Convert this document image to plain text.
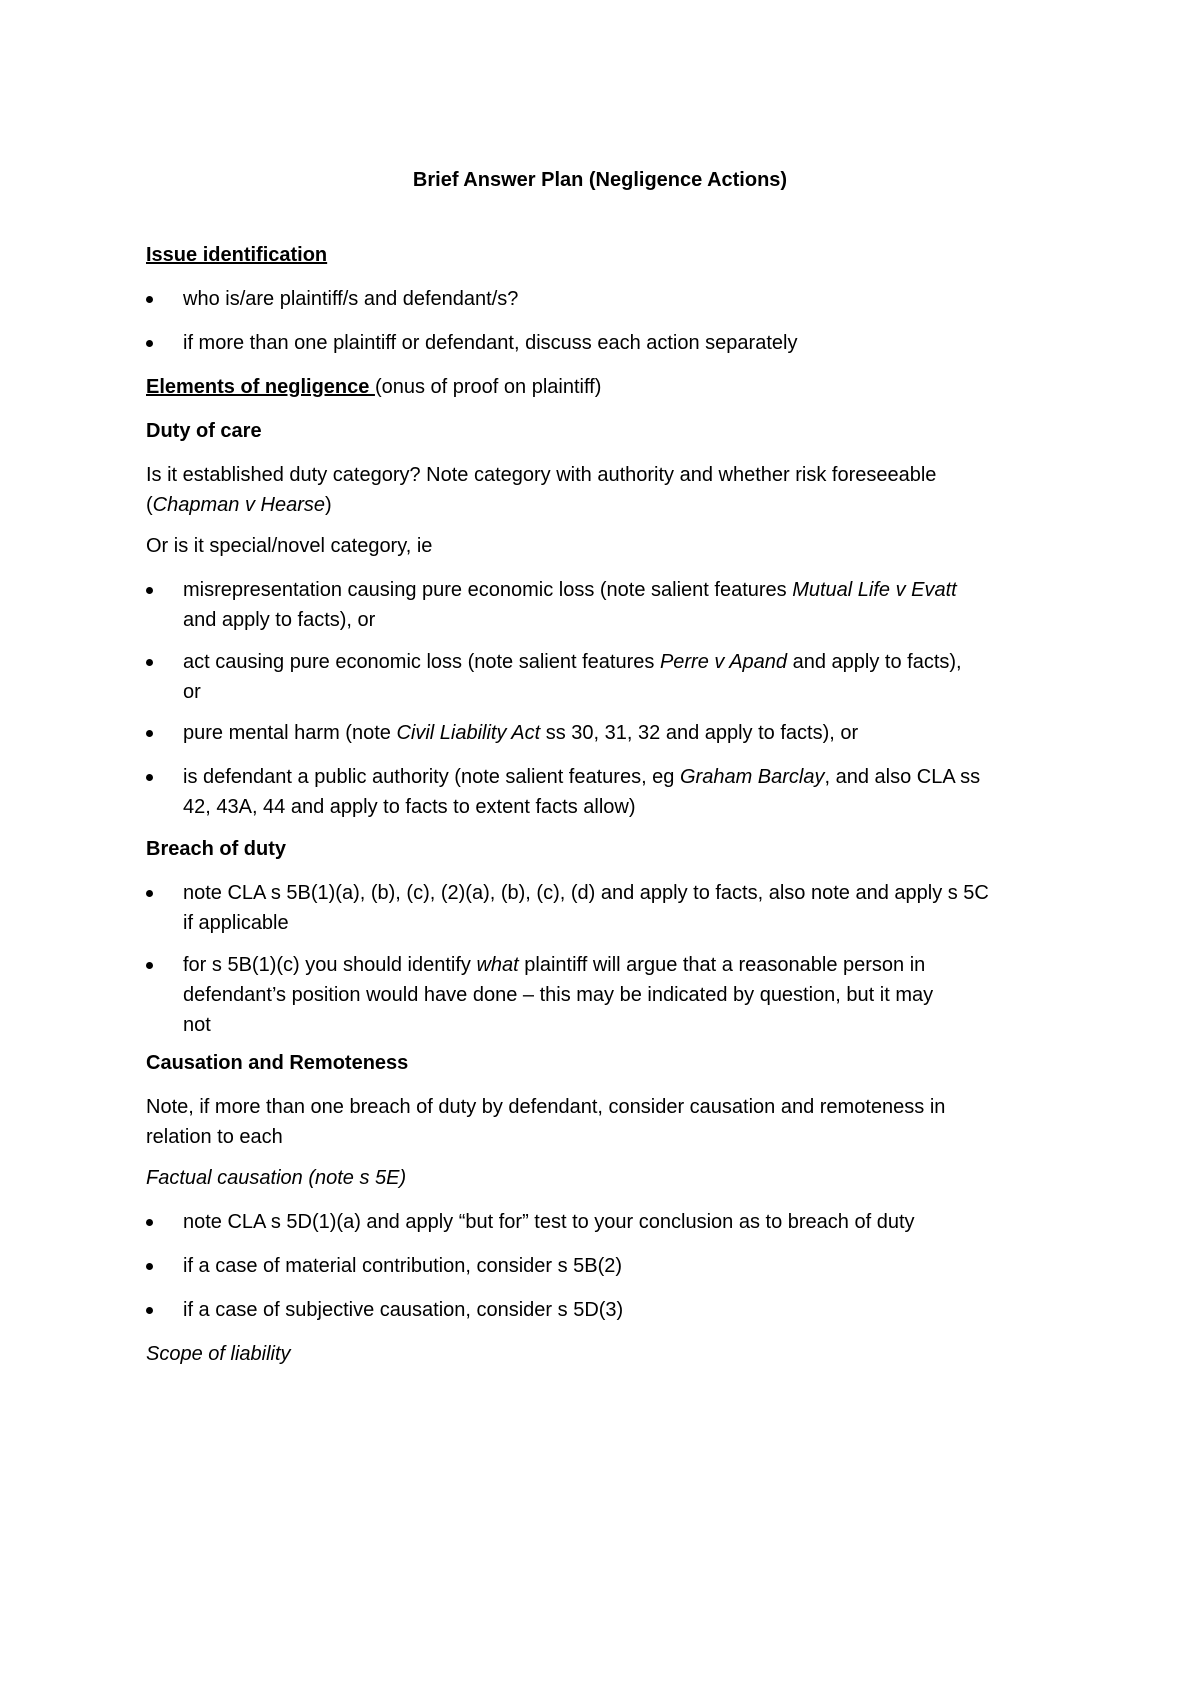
Brief Answer Plan (Negligence Actions)
Issue identification
who is/are plaintiff/s and defendant/s?
if more than one plaintiff or defendant, discuss each action separately
Elements of negligence (onus of proof on plaintiff)
Duty of care
Is it established duty category? Note category with authority and whether risk foreseeable
(Chapman v Hearse)
Or is it special/novel category, ie
misrepresentation causing pure economic loss (note salient features Mutual Life v Evatt
and apply to facts), or
act causing pure economic loss (note salient features Perre v Apand and apply to facts),
or
pure mental harm (note Civil Liability Act ss 30, 31, 32 and apply to facts), or
is defendant a public authority (note salient features, eg Graham Barclay, and also CLA ss
42, 43A, 44 and apply to facts to extent facts allow)
Breach of duty
note CLA s 5B(1)(a), (b), (c), (2)(a), (b), (c), (d) and apply to facts, also note and apply s 5C
if applicable
for s 5B(1)(c) you should identify what plaintiff will argue that a reasonable person in
defendant’s position would have done – this may be indicated by question, but it may
not
Causation and Remoteness
Note, if more than one breach of duty by defendant, consider causation and remoteness in
relation to each
Factual causation (note s 5E)
note CLA s 5D(1)(a) and apply “but for” test to your conclusion as to breach of duty
if a case of material contribution, consider s 5B(2)
if a case of subjective causation, consider s 5D(3)
Scope of liability
